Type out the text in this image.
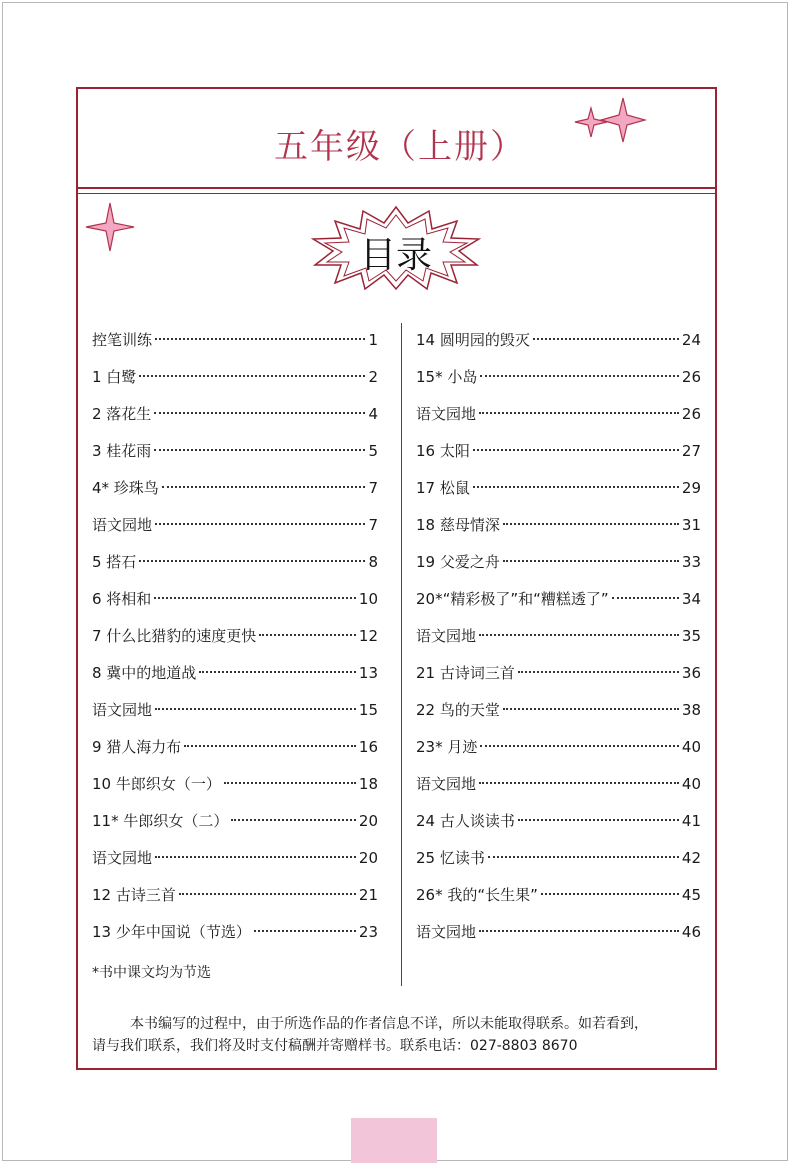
五年级（上册）
目录
控笔训练	1
1 白鹭	2
2 落花生	4
3 桂花雨	5
4* 珍珠鸟	7
语文园地	7
5 搭石	8
6 将相和	10
7 什么比猎豹的速度更快	12
8 冀中的地道战	13
语文园地	15
9 猎人海力布	16
10 牛郎织女（一）	18
11* 牛郎织女（二）	20
语文园地	20
12 古诗三首	21
13 少年中国说（节选）	23
14 圆明园的毁灭	24
15* 小岛	26
语文园地	26
16 太阳	27
17 松鼠	29
18 慈母情深	31
19 父爱之舟	33
20*“精彩极了”和“糟糕透了”	34
语文园地	35
21 古诗词三首	36
22 鸟的天堂	38
23* 月迹	40
语文园地	40
24 古人谈读书	41
25 忆读书	42
26* 我的“长生果”	45
语文园地	46
*书中课文均为节选

本书编写的过程中，由于所选作品的作者信息不详，所以未能取得联系。如若看到，

请与我们联系，我们将及时支付稿酬并寄赠样书。联系电话：027-8803 8670
